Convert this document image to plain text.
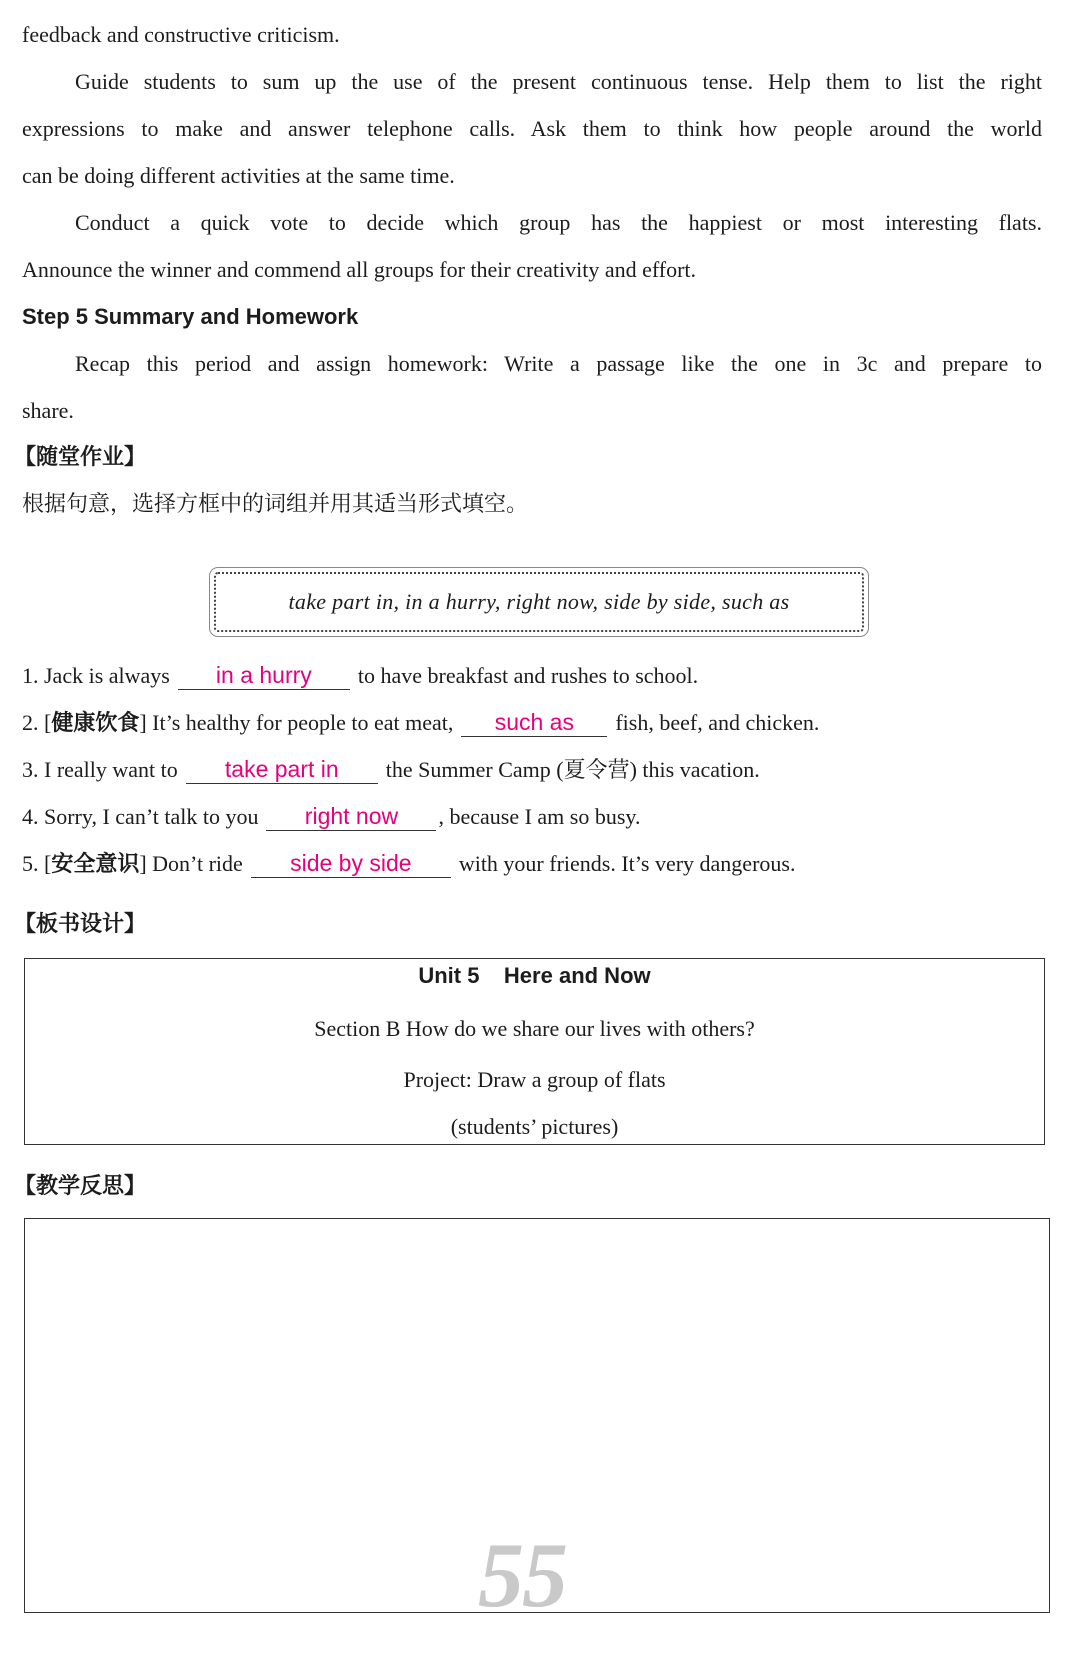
feedback and constructive criticism.
Guide students to sum up the use of the present continuous tense. Help them to list the right
expressions to make and answer telephone calls. Ask them to think how people around the world
can be doing different activities at the same time.
Conduct a quick vote to decide which group has the happiest or most interesting flats.
Announce the winner and commend all groups for their creativity and effort.
Step 5 Summary and Homework
Recap this period and assign homework: Write a passage like the one in 3c and prepare to
share.
【随堂作业】
根据句意，选择方框中的词组并用其适当形式填空。
take part in, in a hurry, right now, side by side, such as
1. Jack is always in a hurry to have breakfast and rushes to school.
2. [健康饮食] It’s healthy for people to eat meat, such as fish, beef, and chicken.
3. I really want to take part in the Summer Camp (夏令营) this vacation.
4. Sorry, I can’t talk to you right now , because I am so busy.
5. [安全意识] Don’t ride side by side with your friends. It’s very dangerous.
【板书设计】
Unit 5    Here and Now
Section B How do we share our lives with others?
Project: Draw a group of flats
(students’ pictures)
【教学反思】
55
